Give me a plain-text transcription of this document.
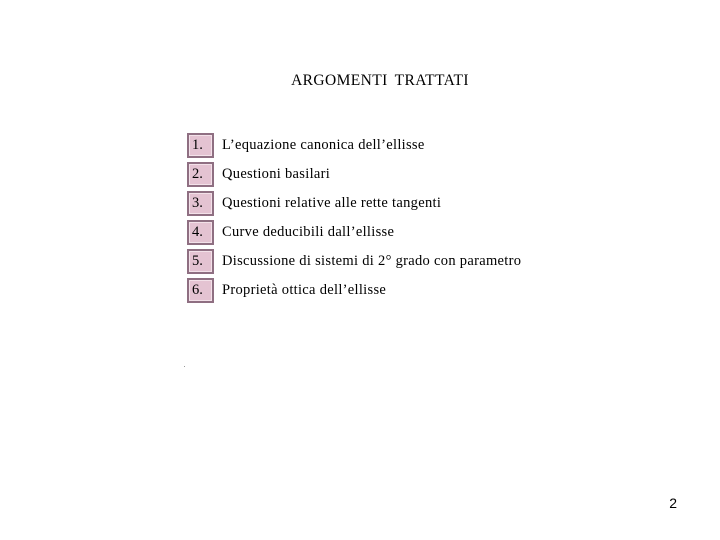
ARGOMENTI TRATTATI
1.	L’equazione canonica dell’ellisse
2.	Questioni basilari
3.	Questioni relative alle rette tangenti
4.	Curve deducibili dall’ellisse
5.	Discussione di sistemi di 2° grado con parametro
6.	Proprietà ottica dell’ellisse
2
